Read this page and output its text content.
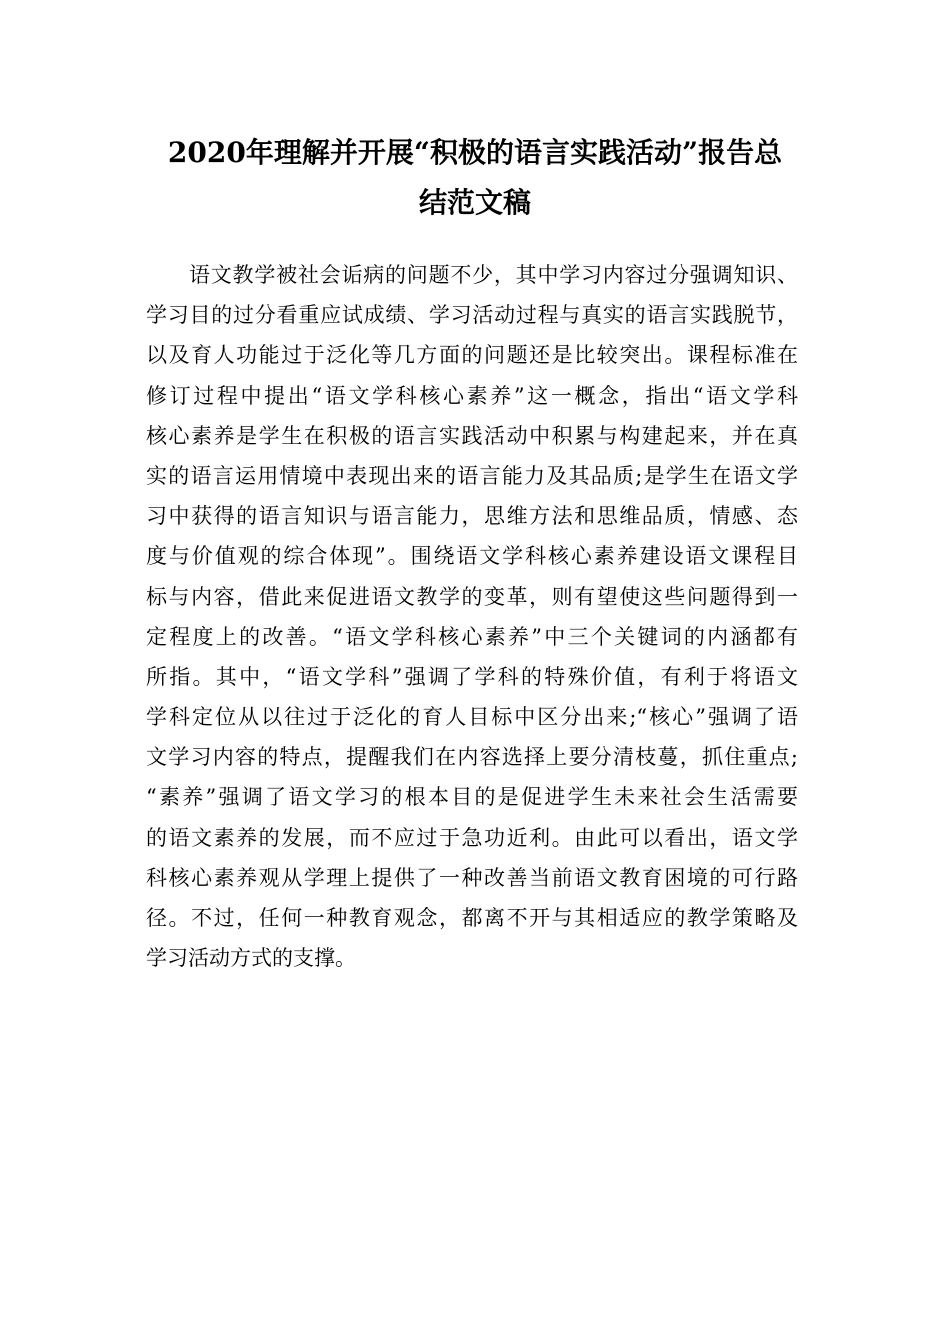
2020年理解并开展“积极的语言实践活动”报告总
结范文稿
语文教学被社会诟病的问题不少，其中学习内容过分强调知识、
学习目的过分看重应试成绩、学习活动过程与真实的语言实践脱节，
以及育人功能过于泛化等几方面的问题还是比较突出。课程标准在
修订过程中提出“语文学科核心素养”这一概念，指出“语文学科
核心素养是学生在积极的语言实践活动中积累与构建起来，并在真
实的语言运用情境中表现出来的语言能力及其品质;是学生在语文学
习中获得的语言知识与语言能力，思维方法和思维品质，情感、态
度与价值观的综合体现”。围绕语文学科核心素养建设语文课程目
标与内容，借此来促进语文教学的变革，则有望使这些问题得到一
定程度上的改善。“语文学科核心素养”中三个关键词的内涵都有
所指。其中，“语文学科”强调了学科的特殊价值，有利于将语文
学科定位从以往过于泛化的育人目标中区分出来;“核心”强调了语
文学习内容的特点，提醒我们在内容选择上要分清枝蔓，抓住重点;
“素养”强调了语文学习的根本目的是促进学生未来社会生活需要
的语文素养的发展，而不应过于急功近利。由此可以看出，语文学
科核心素养观从学理上提供了一种改善当前语文教育困境的可行路
径。不过，任何一种教育观念，都离不开与其相适应的教学策略及
学习活动方式的支撑。
